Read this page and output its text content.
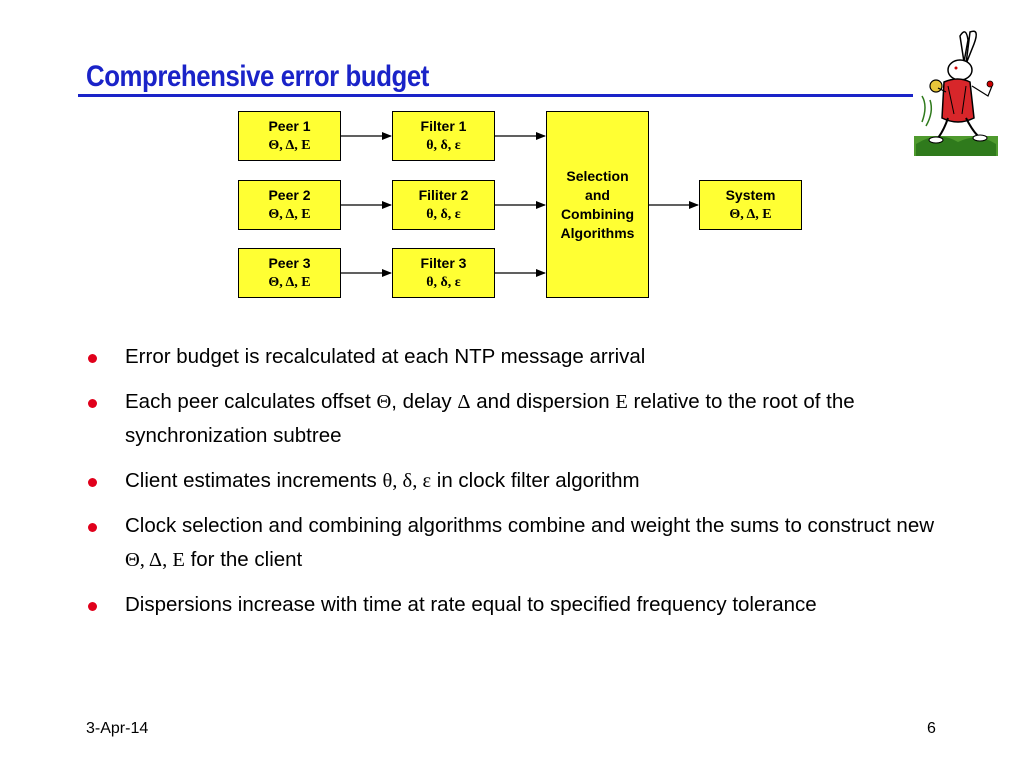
Comprehensive error budget
Peer 1
Θ, Δ, Ε
Peer 2
Θ, Δ, Ε
Peer 3
Θ, Δ, Ε
Filter 1
θ, δ, ε
Filiter 2
θ, δ, ε
Filter 3
θ, δ, ε
Selection
and
Combining
Algorithms
System
Θ, Δ, Ε
Error budget is recalculated at each NTP message arrival
Each peer calculates offset Θ, delay Δ and dispersion Ε relative to the root of the synchronization subtree
Client estimates increments θ, δ, ε in clock filter algorithm
Clock selection and combining algorithms combine and weight the sums to construct new Θ, Δ, Ε for the client
Dispersions increase with time at rate equal to specified frequency tolerance
3-Apr-14	6
